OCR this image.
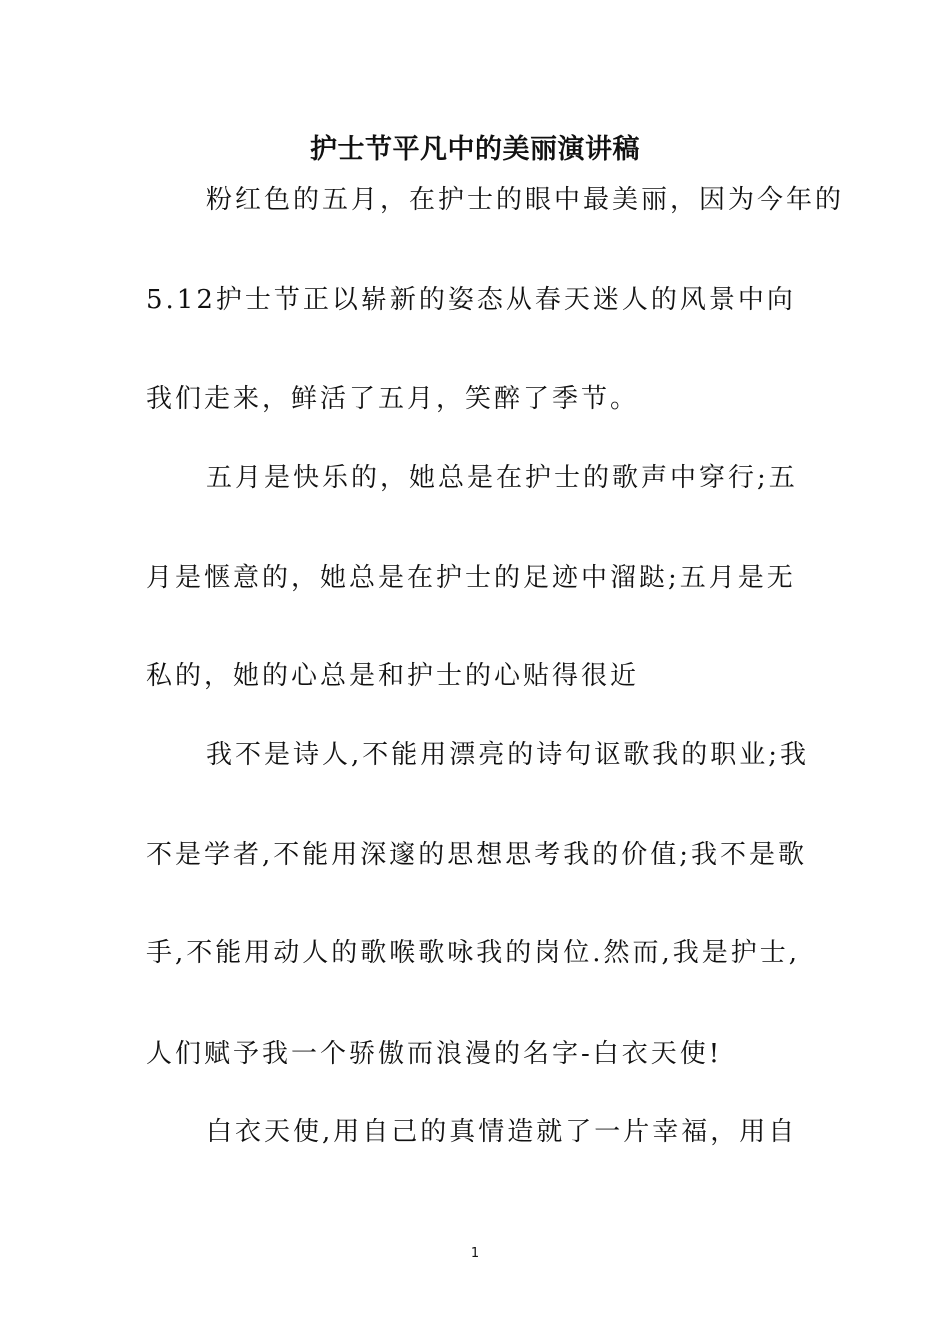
护士节平凡中的美丽演讲稿
粉红色的五月，在护士的眼中最美丽，因为今年的
5.12护士节正以崭新的姿态从春天迷人的风景中向
我们走来，鲜活了五月，笑醉了季节。
五月是快乐的，她总是在护士的歌声中穿行;五
月是惬意的，她总是在护士的足迹中溜跶;五月是无
私的，她的心总是和护士的心贴得很近
我不是诗人,不能用漂亮的诗句讴歌我的职业;我
不是学者,不能用深邃的思想思考我的价值;我不是歌
手,不能用动人的歌喉歌咏我的岗位.然而,我是护士,
人们赋予我一个骄傲而浪漫的名字-白衣天使!
白衣天使,用自己的真情造就了一片幸福，用自
1
